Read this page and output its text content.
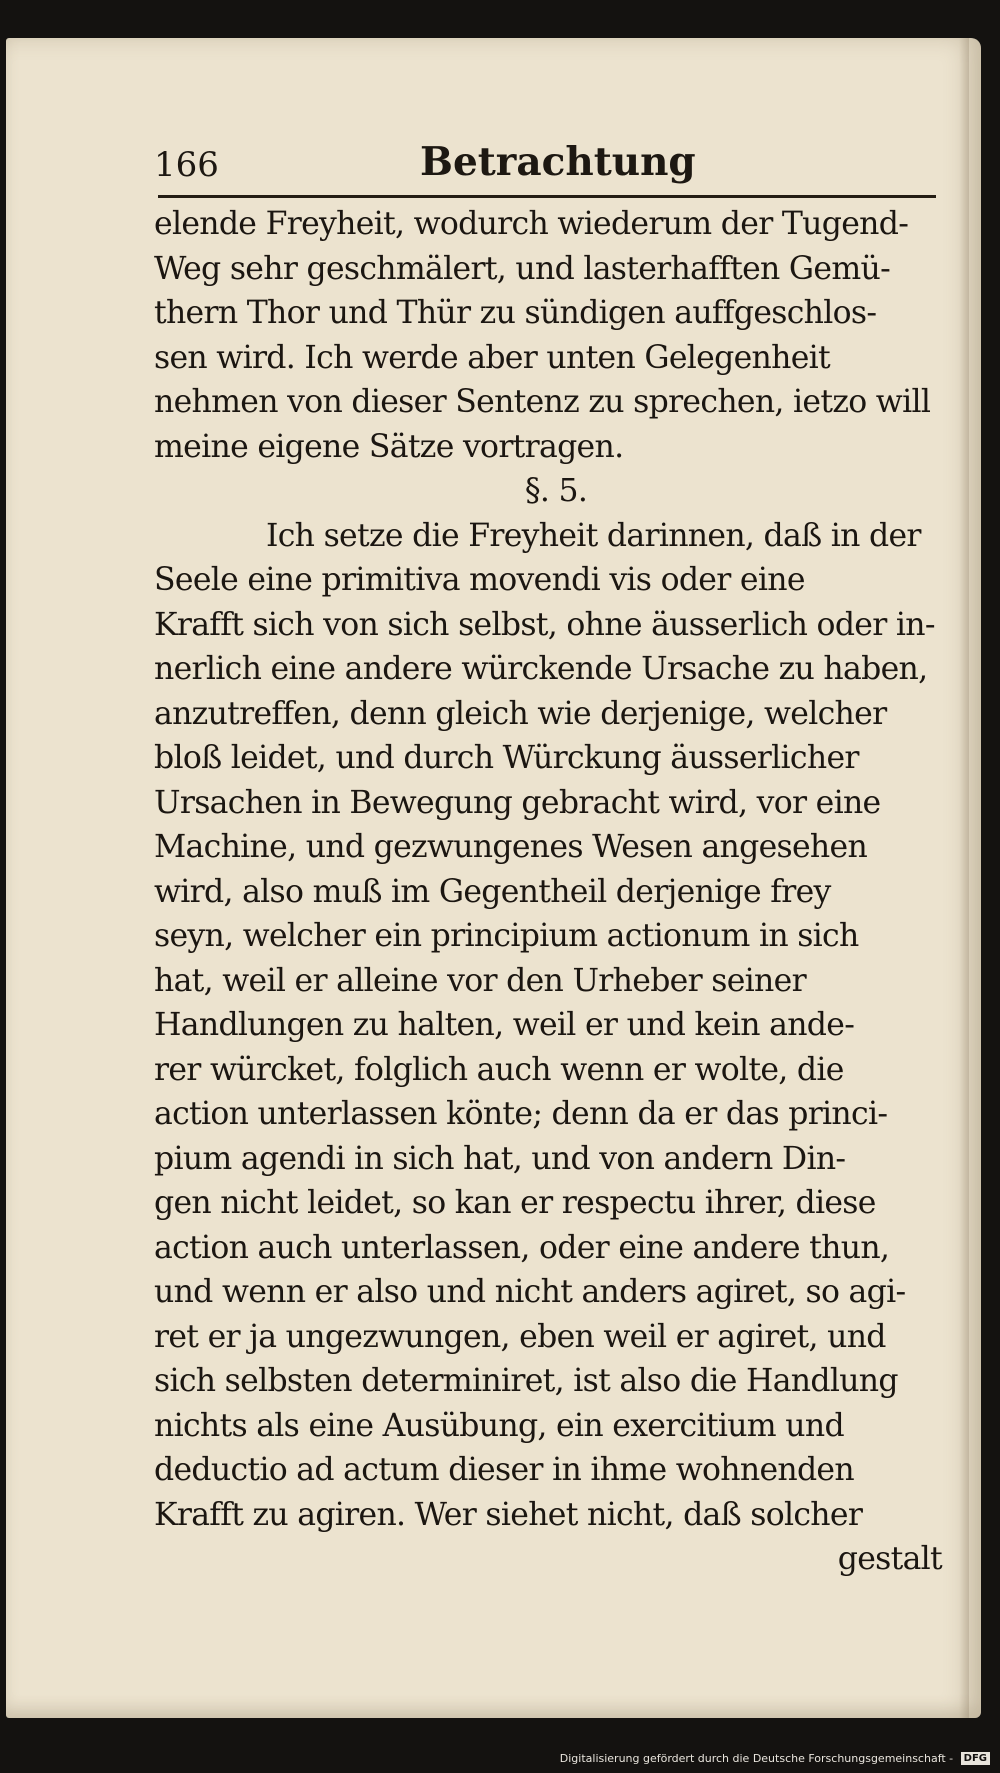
166	Betrachtung
elende Freyheit, wodurch wiederum der Tugend-
Weg sehr geschmälert, und lasterhafften Gemü-
thern Thor und Thür zu sündigen auffgeschlos-
sen wird. Ich werde aber unten Gelegenheit
nehmen von dieser Sentenz zu sprechen, ietzo will
meine eigene Sätze vortragen.
§. 5.
Ich setze die Freyheit darinnen, daß in der
Seele eine primitiva movendi vis oder eine
Krafft sich von sich selbst, ohne äusserlich oder in-
nerlich eine andere würckende Ursache zu haben,
anzutreffen, denn gleich wie derjenige, welcher
bloß leidet, und durch Würckung äusserlicher
Ursachen in Bewegung gebracht wird, vor eine
Machine, und gezwungenes Wesen angesehen
wird, also muß im Gegentheil derjenige frey
seyn, welcher ein principium actionum in sich
hat, weil er alleine vor den Urheber seiner
Handlungen zu halten, weil er und kein ande-
rer würcket, folglich auch wenn er wolte, die
action unterlassen könte; denn da er das princi-
pium agendi in sich hat, und von andern Din-
gen nicht leidet, so kan er respectu ihrer, diese
action auch unterlassen, oder eine andere thun,
und wenn er also und nicht anders agiret, so agi-
ret er ja ungezwungen, eben weil er agiret, und
sich selbsten determiniret, ist also die Handlung
nichts als eine Ausübung, ein exercitium und
deductio ad actum dieser in ihme wohnenden
Krafft zu agiren. Wer siehet nicht, daß solcher
gestalt
Digitalisierung gefördert durch die Deutsche Forschungsgemeinschaft - DFG
